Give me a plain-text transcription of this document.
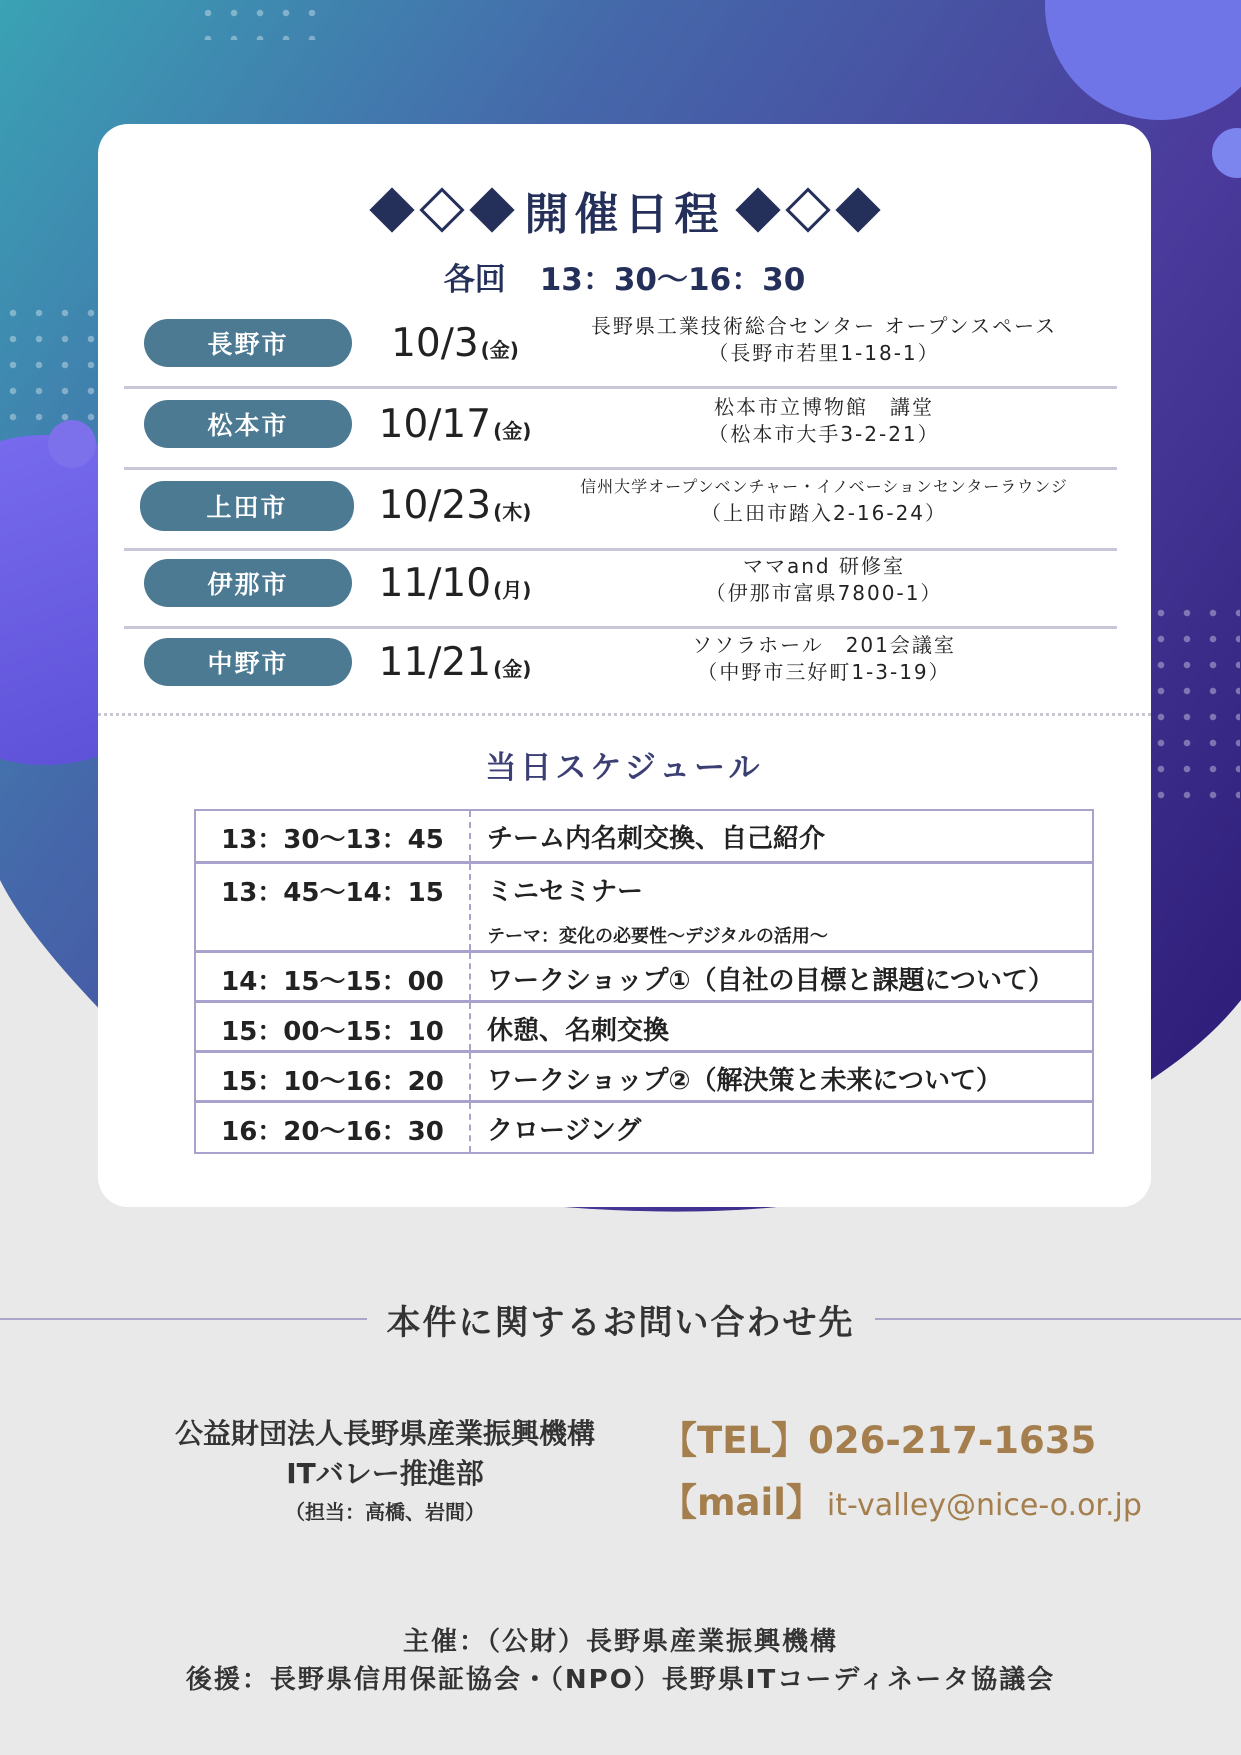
開催日程
各回 13：30〜16：30
長野市	10/3 (金)
長野県工業技術総合センター オープンスペース
（長野市若里1-18-1）
松本市	10/17 (金)
松本市立博物館　講堂
（松本市大手3-2-21）
上田市	10/23 (木)
信州大学オープンベンチャー・イノベーションセンターラウンジ
（上田市踏入2-16-24）
伊那市	11/10 (月)
ママand 研修室
（伊那市富県7800-1）
中野市	11/21 (金)
ソソラホール　201会議室
（中野市三好町1-3-19）
当日スケジュール
13：30〜13：45	チーム内名刺交換、自己紹介
13：45〜14：15	ミニセミナー
テーマ：変化の必要性〜デジタルの活用〜
14：15〜15：00	ワークショップ①（自社の目標と課題について）
15：00〜15：10	休憩、名刺交換
15：10〜16：20	ワークショップ②（解決策と未来について）
16：20〜16：30	クロージング
本件に関するお問い合わせ先
公益財団法人長野県産業振興機構
ITバレー推進部
（担当：高橋、岩間）
【TEL】026-217-1635
【mail】 it-valley@nice-o.or.jp
主催：（公財）長野県産業振興機構
後援：長野県信用保証協会・（NPO）長野県ITコーディネータ協議会
